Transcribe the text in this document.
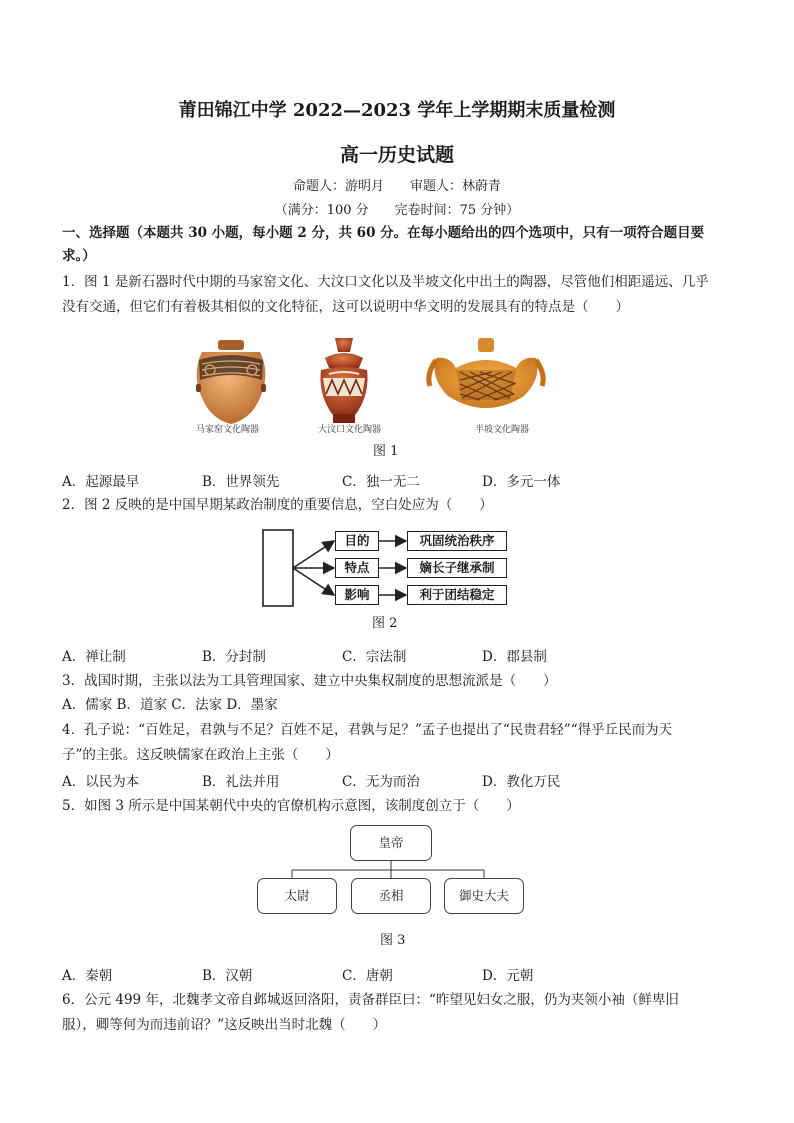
莆田锦江中学 2022—2023 学年上学期期末质量检测
高一历史试题
命题人：游明月　　审题人：林蔚青
（满分：100 分　　完卷时间：75 分钟）
一、选择题（本题共 30 小题，每小题 2 分，共 60 分。在每小题给出的四个选项中，只有一项符合题目要
求。）
1．图 1 是新石器时代中期的马家窑文化、大汶口文化以及半坡文化中出土的陶器，尽管他们相距遥远、几乎
没有交通，但它们有着极其相似的文化特征，这可以说明中华文明的发展具有的特点是（　　）
马家窑文化陶器	大汶口文化陶器	半坡文化陶器
图 1
A．起源最早	B．世界领先	C．独一无二	D．多元一体
2．图 2 反映的是中国早期某政治制度的重要信息，空白处应为（　　）
目的
特点
影响
巩固统治秩序
嫡长子继承制
利于团结稳定
图 2
A．禅让制	B．分封制	C．宗法制	D．郡县制
3．战国时期，主张以法为工具管理国家、建立中央集权制度的思想流派是（　　）
A．儒家 B．道家 C．法家 D．墨家
4．孔子说：“百姓足，君孰与不足？百姓不足，君孰与足？”孟子也提出了“民贵君轻”“得乎丘民而为天
子”的主张。这反映儒家在政治上主张（　　）
A．以民为本	B．礼法并用	C．无为而治	D．教化万民
5．如图 3 所示是中国某朝代中央的官僚机构示意图，该制度创立于（　　）
皇帝
太尉	丞相	御史大夫
图 3
A．秦朝	B．汉朝	C．唐朝	D．元朝
6．公元 499 年，北魏孝文帝自邺城返回洛阳，责备群臣曰：“昨望见妇女之服，仍为夹领小袖（鲜卑旧
服），卿等何为而违前诏？”这反映出当时北魏（　　）
